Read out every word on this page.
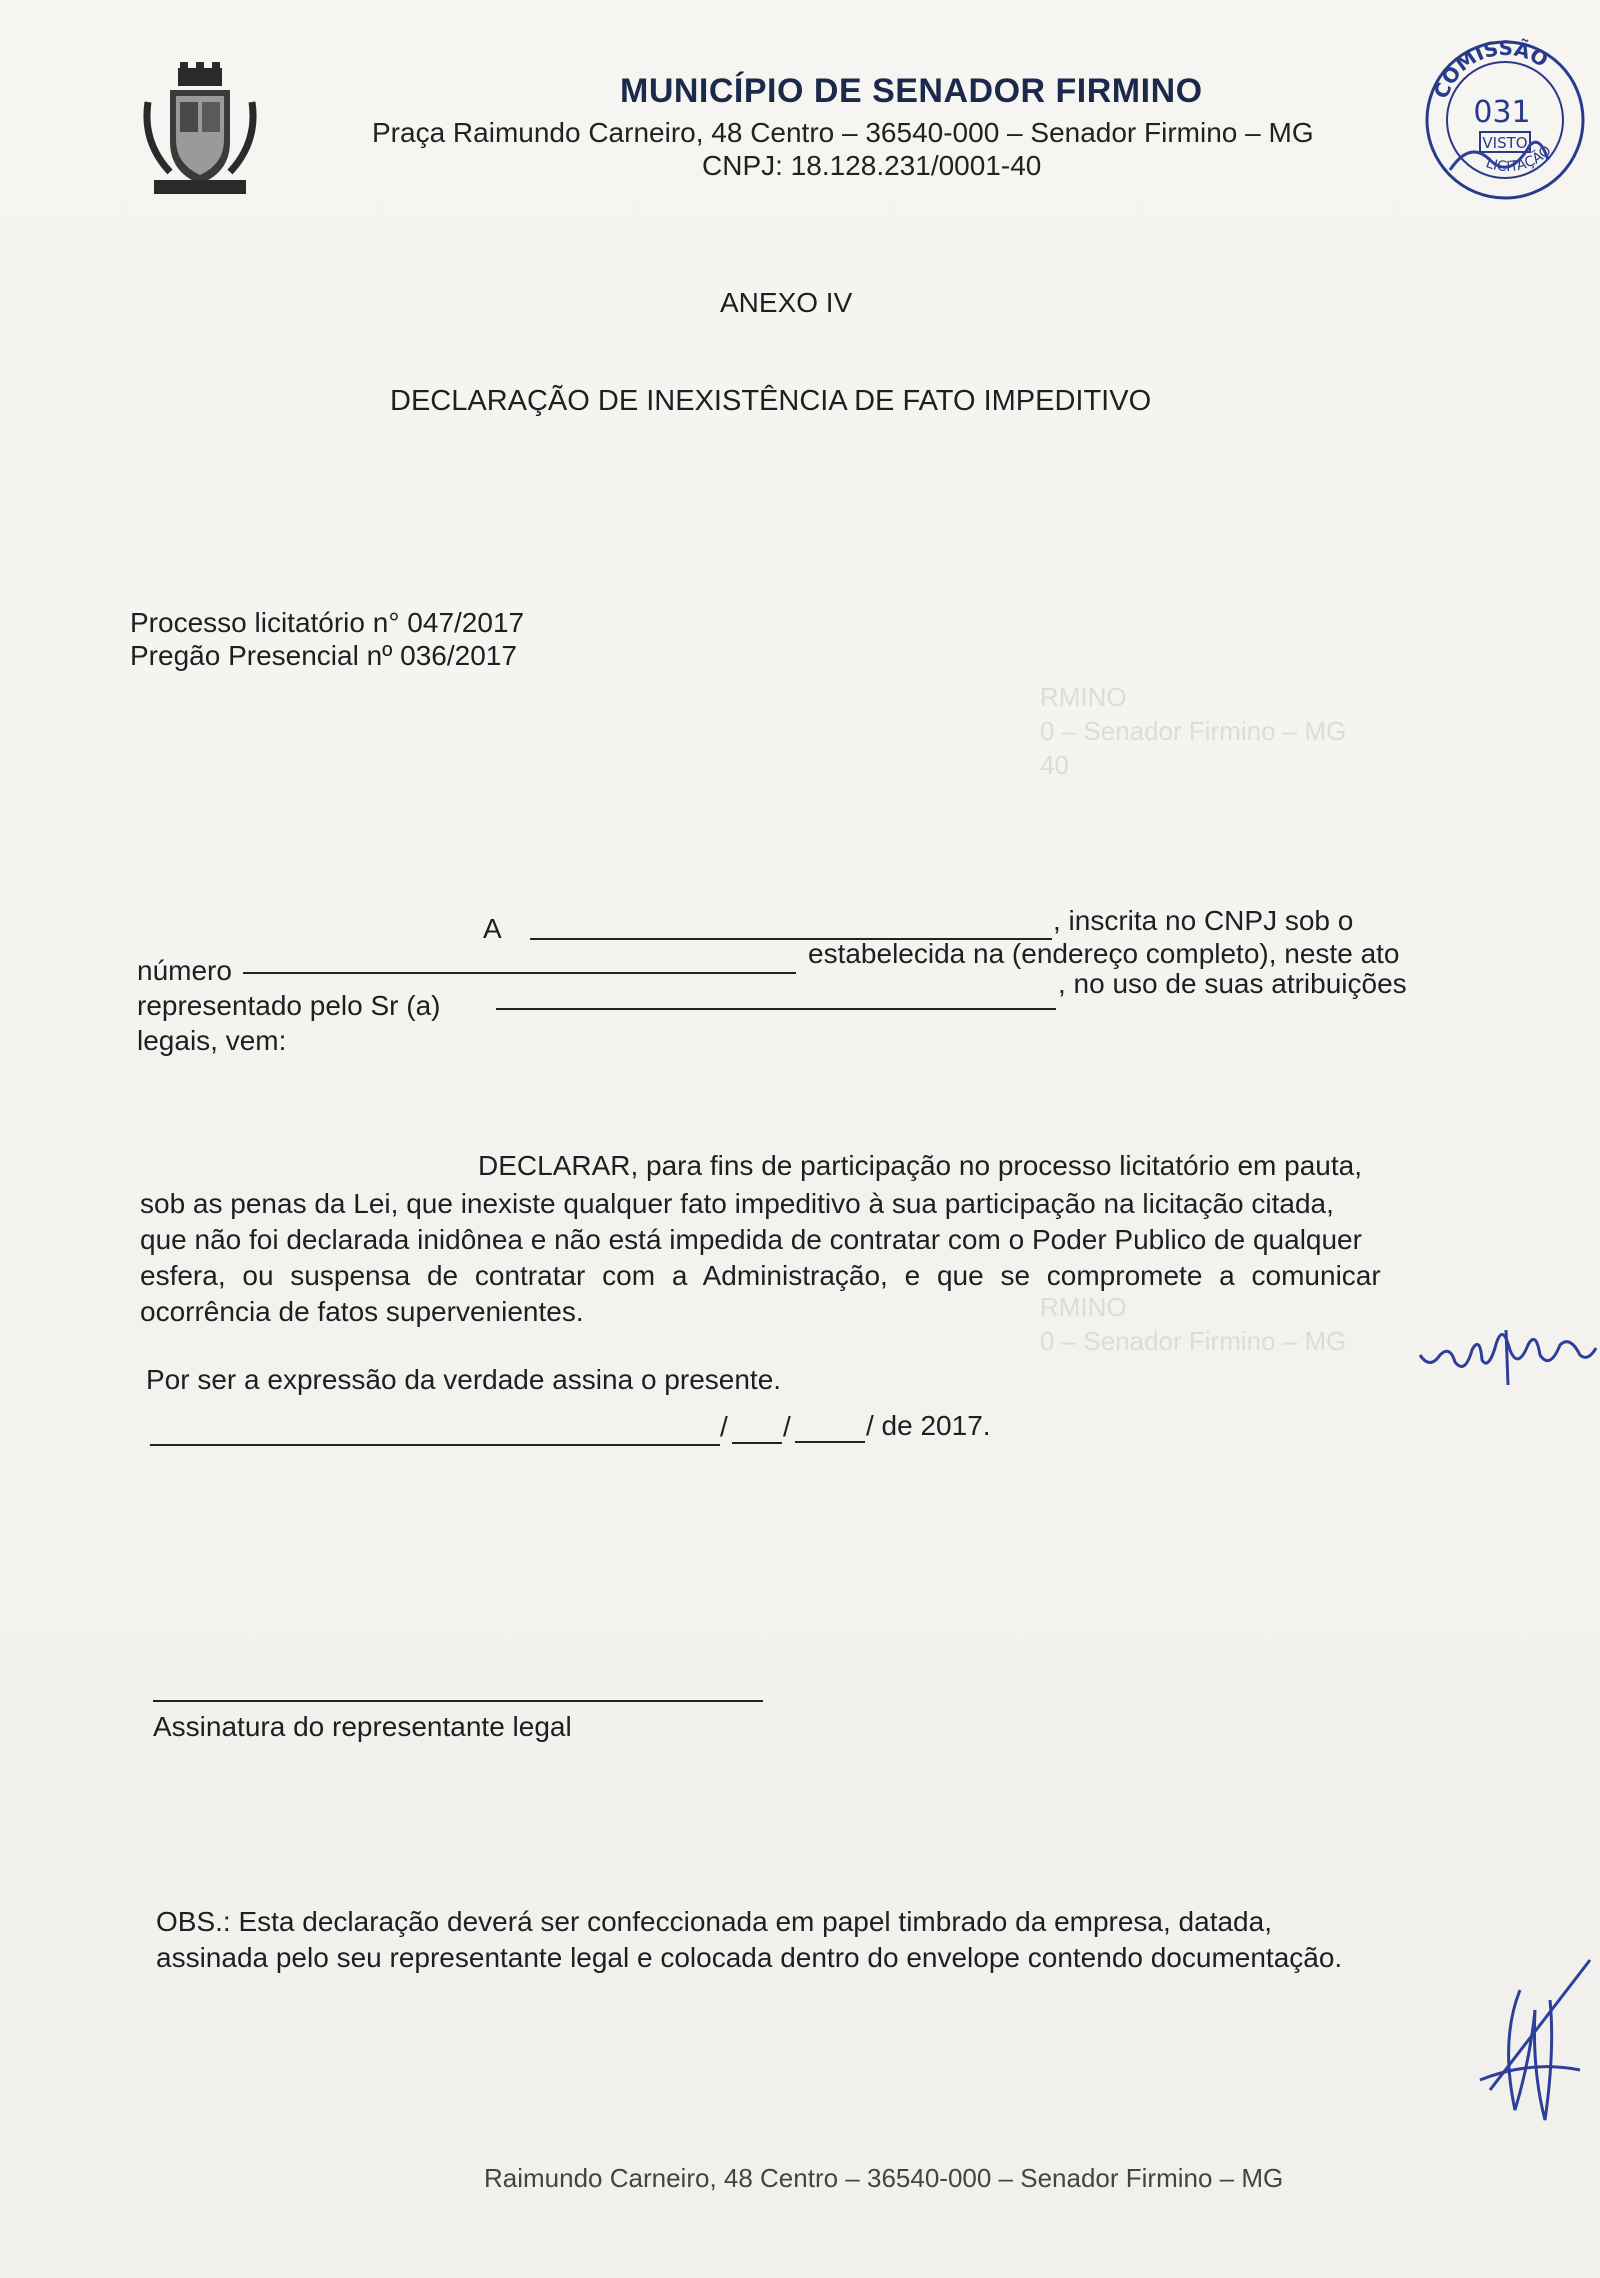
RMINO
0 – Senador Firmino – MG
40
RMINO
0 – Senador Firmino – MG
MUNICÍPIO DE SENADOR FIRMINO
Praça Raimundo Carneiro, 48 Centro – 36540-000 – Senador Firmino – MG
CNPJ: 18.128.231/0001-40
COMISSÃO
031
VISTO
LICITAÇÃO
ANEXO IV
DECLARAÇÃO DE INEXISTÊNCIA DE FATO IMPEDITIVO
Processo licitatório n° 047/2017
Pregão Presencial nº 036/2017
A	, inscrita no CNPJ sob o
número
estabelecida na (endereço completo), neste ato
representado pelo Sr (a)
, no uso de suas atribuições
legais, vem:
DECLARAR, para fins de participação no processo licitatório em pauta,
sob as penas da Lei, que inexiste qualquer fato impeditivo à sua participação na licitação citada,
que não foi declarada inidônea e não está impedida de contratar com o Poder Publico de qualquer
esfera, ou suspensa de contratar com a Administração, e que se compromete a comunicar
ocorrência de fatos supervenientes.
Por ser a expressão da verdade assina o presente.
/ /	/ de 2017.
Assinatura do representante legal
OBS.: Esta declaração deverá ser confeccionada em papel timbrado da empresa, datada,
assinada pelo seu representante legal e colocada dentro do envelope contendo documentação.
Raimundo Carneiro, 48 Centro – 36540-000 – Senador Firmino – MG
